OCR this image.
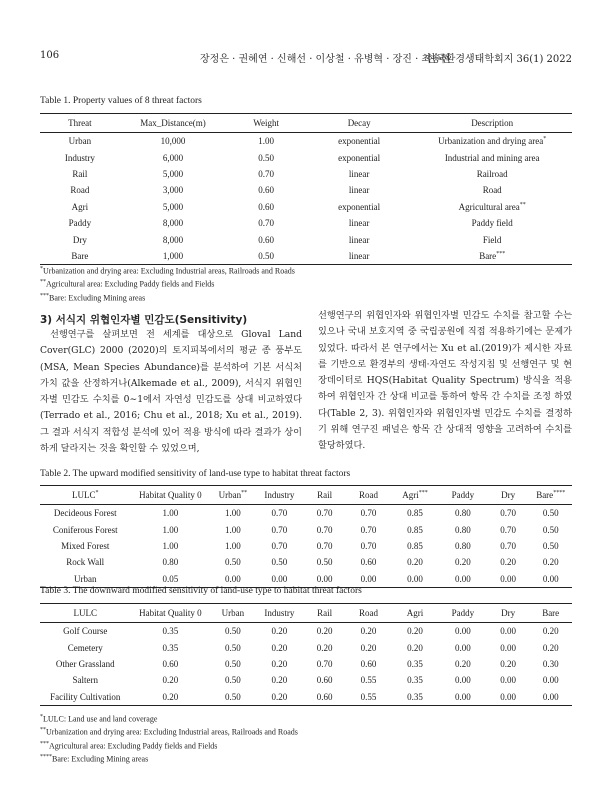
106	장정은 · 권혜연 · 신해선 · 이상철 · 유병혁 · 장진 · 최송현
한국환경생태학회지 36(1) 2022
Table 1. Property values of 8 threat factors
Threat	Max_Distance(m)	Weight	Decay	Description
Urban	10,000	1.00	exponential	Urbanization and drying area*
Industry	6,000	0.50	exponential	Industrial and mining area
Rail	5,000	0.70	linear	Railroad
Road	3,000	0.60	linear	Road
Agri	5,000	0.60	exponential	Agricultural area**
Paddy	8,000	0.70	linear	Paddy field
Dry	8,000	0.60	linear	Field
Bare	1,000	0.50	linear	Bare***
*Urbanization and drying area: Excluding Industrial areas, Railroads and Roads
**Agricultural area: Excluding Paddy fields and Fields
***Bare: Excluding Mining areas
3) 서식지 위협인자별 민감도(Sensitivity)
선행연구를 살펴보면 전 세계를 대상으로 Gloval Land Cover(GLC) 2000 (2020)의 토지피복에서의 평균 종 풍부도(MSA, Mean Species Abundance)를 분석하여 기본 서식처 가치 값을 산정하거나(Alkemade et al., 2009), 서식지 위협인자별 민감도 수치를 0∼1에서 자연성 민감도를 상대 비교하였다(Terrado et al., 2016; Chu et al., 2018; Xu et al., 2019). 그 결과 서식지 적합성 분석에 있어 적용 방식에 따라 결과가 상이하게 달라지는 것을 확인할 수 있었으며,
선행연구의 위협인자와 위협인자별 민감도 수치를 참고할 수는 있으나 국내 보호지역 중 국립공원에 직접 적용하기에는 문제가 있었다. 따라서 본 연구에서는 Xu et al.(2019)가 제시한 자료를 기반으로 환경부의 생태·자연도 작성지침 및 선행연구 및 현장데이터로 HQS(Habitat Quality Spectrum) 방식을 적용하여 위협인자 간 상대 비교를 통하여 항목 간 수치를 조정 하였다(Table 2, 3). 위협인자와 위협인자별 민감도 수치를 결정하기 위해 연구진 패널은 항목 간 상대적 영향을 고려하여 수치를 할당하였다.
Table 2. The upward modified sensitivity of land-use type to habitat threat factors
LULC*	Habitat Quality 0	Urban**	Industry	Rail	Road	Agri***	Paddy	Dry	Bare****
Decideous Forest	1.00	1.00	0.70	0.70	0.70	0.85	0.80	0.70	0.50
Coniferous Forest	1.00	1.00	0.70	0.70	0.70	0.85	0.80	0.70	0.50
Mixed Forest	1.00	1.00	0.70	0.70	0.70	0.85	0.80	0.70	0.50
Rock Wall	0.80	0.50	0.50	0.50	0.60	0.20	0.20	0.20	0.20
Urban	0.05	0.00	0.00	0.00	0.00	0.00	0.00	0.00	0.00
Table 3. The downward modified sensitivity of land-use type to habitat threat factors
LULC	Habitat Quality 0	Urban	Industry	Rail	Road	Agri	Paddy	Dry	Bare
Golf Course	0.35	0.50	0.20	0.20	0.20	0.20	0.00	0.00	0.20
Cemetery	0.35	0.50	0.20	0.20	0.20	0.20	0.00	0.00	0.20
Other Grassland	0.60	0.50	0.20	0.70	0.60	0.35	0.20	0.20	0.30
Saltern	0.20	0.50	0.20	0.60	0.55	0.35	0.00	0.00	0.00
Facility Cultivation	0.20	0.50	0.20	0.60	0.55	0.35	0.00	0.00	0.00
*LULC: Land use and land coverage
**Urbanization and drying area: Excluding Industrial areas, Railroads and Roads
***Agricultural area: Excluding Paddy fields and Fields
****Bare: Excluding Mining areas
